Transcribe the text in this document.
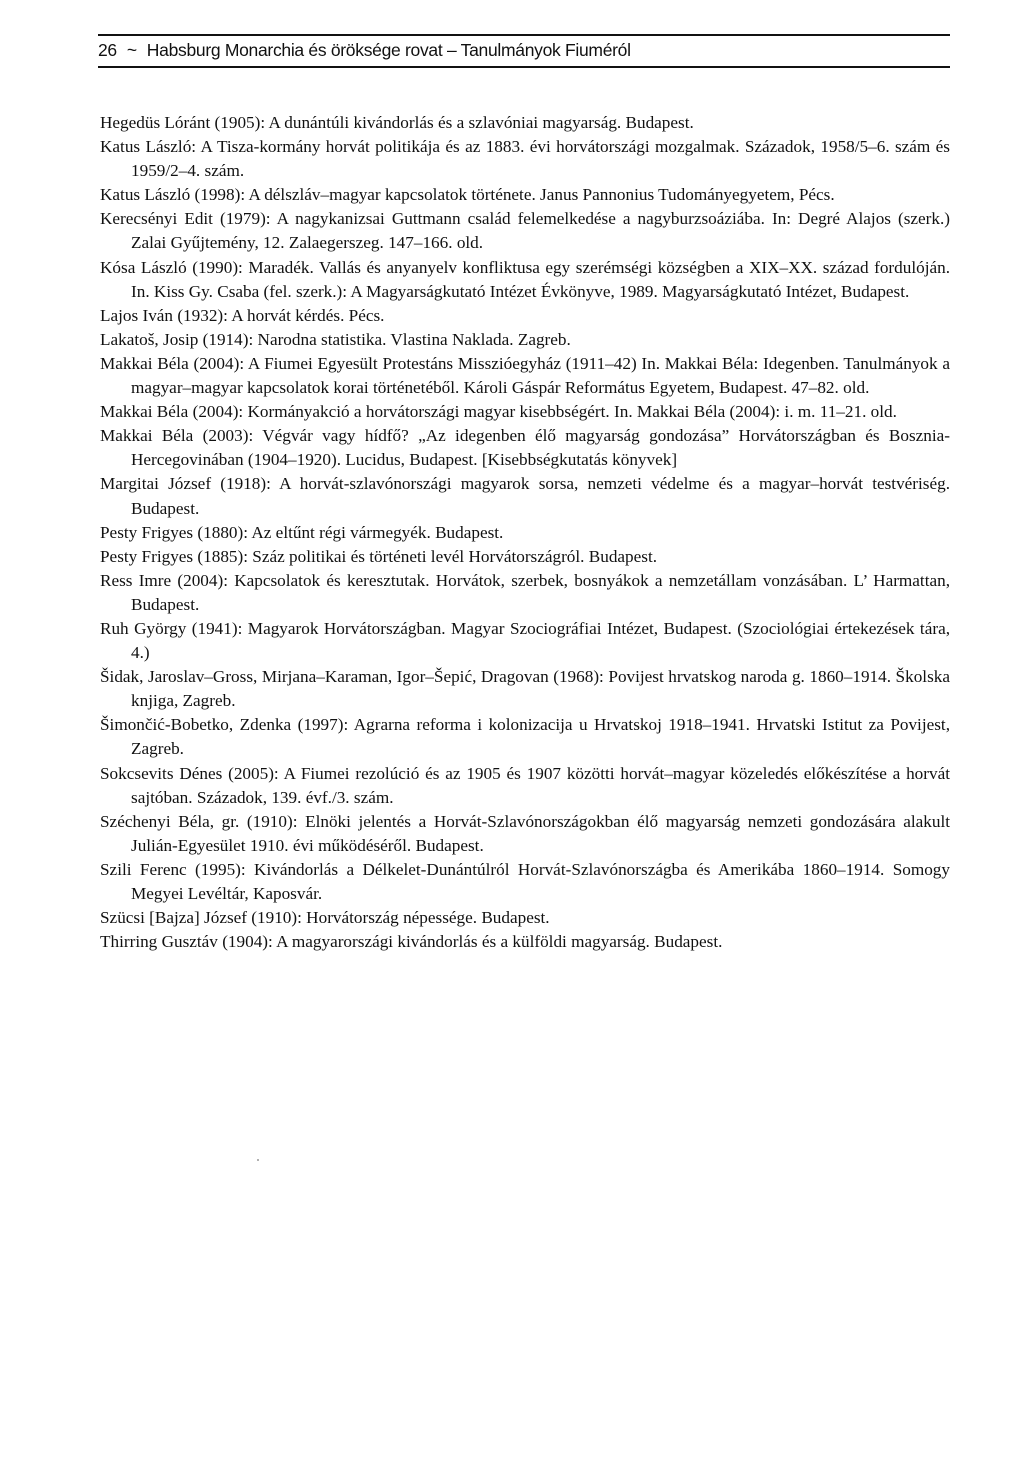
26 ~ Habsburg Monarchia és öröksége rovat – Tanulmányok Fiuméról
Hegedüs Lóránt (1905): A dunántúli kivándorlás és a szlavóniai magyarság. Budapest.
Katus László: A Tisza-kormány horvát politikája és az 1883. évi horvátországi mozgalmak. Századok, 1958/5–6. szám és 1959/2–4. szám.
Katus László (1998): A délszláv–magyar kapcsolatok története. Janus Pannonius Tudományegyetem, Pécs.
Kerecsényi Edit (1979): A nagykanizsai Guttmann család felemelkedése a nagyburzsoáziába. In: Degré Alajos (szerk.) Zalai Gyűjtemény, 12. Zalaegerszeg. 147–166. old.
Kósa László (1990): Maradék. Vallás és anyanyelv konfliktusa egy szerémségi községben a XIX–XX. század fordulóján. In. Kiss Gy. Csaba (fel. szerk.): A Magyarságkutató Intézet Évkönyve, 1989. Magyarságkutató Intézet, Budapest.
Lajos Iván (1932): A horvát kérdés. Pécs.
Lakatoš, Josip (1914): Narodna statistika. Vlastina Naklada. Zagreb.
Makkai Béla (2004): A Fiumei Egyesült Protestáns Misszióegyház (1911–42) In. Makkai Béla: Idegenben. Tanulmányok a magyar–magyar kapcsolatok korai történetéből. Károli Gáspár Református Egyetem, Budapest. 47–82. old.
Makkai Béla (2004): Kormányakció a horvátországi magyar kisebbségért. In. Makkai Béla (2004): i. m. 11–21. old.
Makkai Béla (2003): Végvár vagy hídfő? „Az idegenben élő magyarság gondozása” Horvátországban és Bosznia-Hercegovinában (1904–1920). Lucidus, Budapest. [Kisebbségkutatás könyvek]
Margitai József (1918): A horvát-szlavónországi magyarok sorsa, nemzeti védelme és a magyar–horvát testvériség. Budapest.
Pesty Frigyes (1880): Az eltűnt régi vármegyék. Budapest.
Pesty Frigyes (1885): Száz politikai és történeti levél Horvátországról. Budapest.
Ress Imre (2004): Kapcsolatok és keresztutak. Horvátok, szerbek, bosnyákok a nemzetállam vonzásában. L’ Harmattan, Budapest.
Ruh György (1941): Magyarok Horvátországban. Magyar Szociográfiai Intézet, Budapest. (Szociológiai értekezések tára, 4.)
Šidak, Jaroslav–Gross, Mirjana–Karaman, Igor–Šepić, Dragovan (1968): Povijest hrvatskog naroda g. 1860–1914. Školska knjiga, Zagreb.
Šimončić-Bobetko, Zdenka (1997): Agrarna reforma i kolonizacija u Hrvatskoj 1918–1941. Hrvatski Istitut za Povijest, Zagreb.
Sokcsevits Dénes (2005): A Fiumei rezolúció és az 1905 és 1907 közötti horvát–magyar közeledés előkészítése a horvát sajtóban. Századok, 139. évf./3. szám.
Széchenyi Béla, gr. (1910): Elnöki jelentés a Horvát-Szlavónországokban élő magyarság nemzeti gondozására alakult Julián-Egyesület 1910. évi működéséről. Budapest.
Szili Ferenc (1995): Kivándorlás a Délkelet-Dunántúlról Horvát-Szlavónországba és Amerikába 1860–1914. Somogy Megyei Levéltár, Kaposvár.
Szücsi [Bajza] József (1910): Horvátország népessége. Budapest.
Thirring Gusztáv (1904): A magyarországi kivándorlás és a külföldi magyarság. Budapest.
